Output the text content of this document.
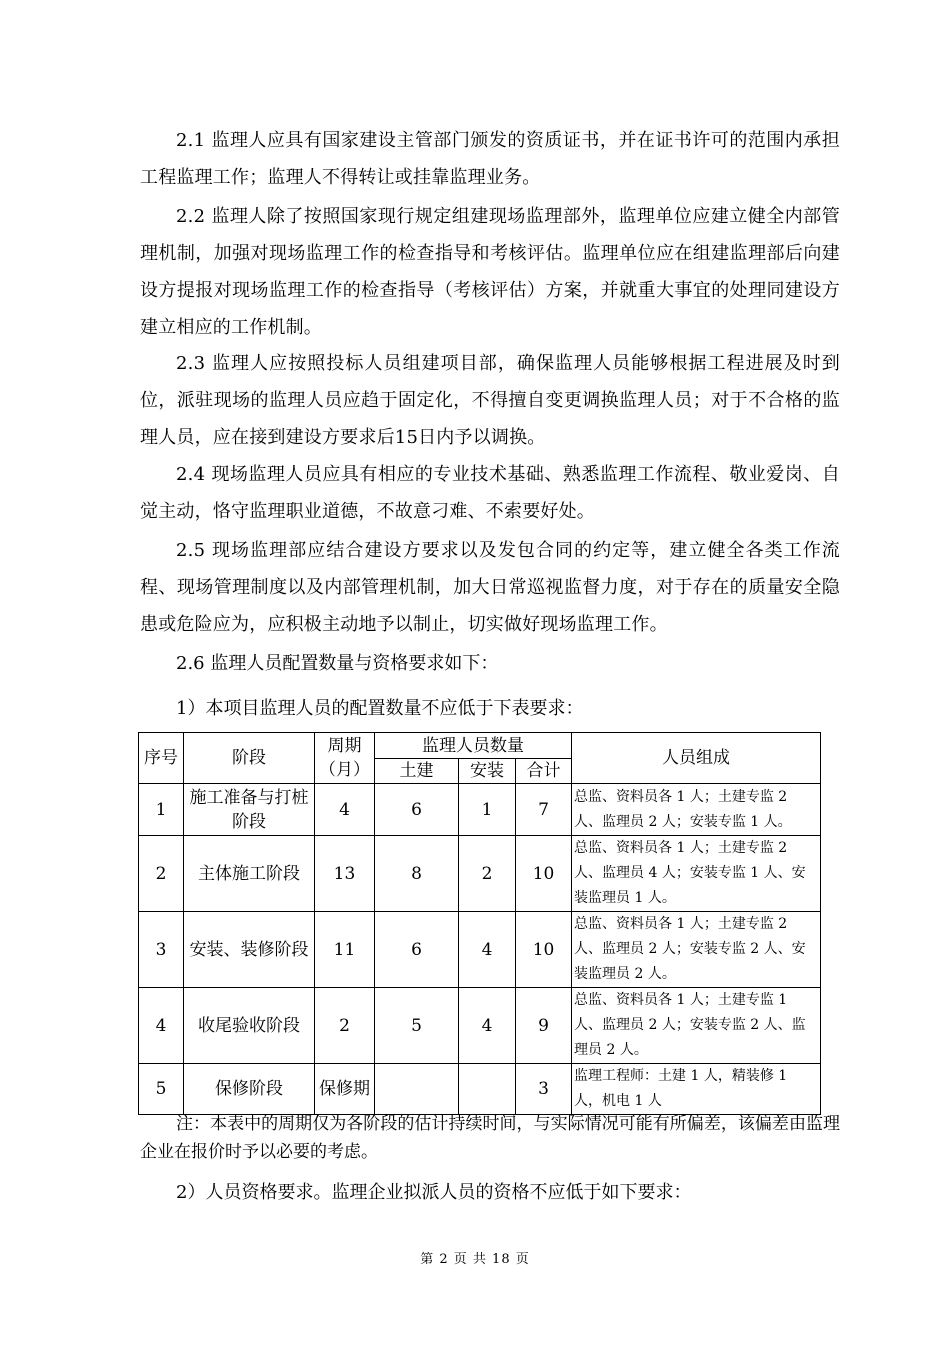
2.1 监理人应具有国家建设主管部门颁发的资质证书，并在证书许可的范围内承担工程监理工作；监理人不得转让或挂靠监理业务。

2.2 监理人除了按照国家现行规定组建现场监理部外，监理单位应建立健全内部管理机制，加强对现场监理工作的检查指导和考核评估。监理单位应在组建监理部后向建设方提报对现场监理工作的检查指导（考核评估）方案，并就重大事宜的处理同建设方建立相应的工作机制。

2.3 监理人应按照投标人员组建项目部，确保监理人员能够根据工程进展及时到位，派驻现场的监理人员应趋于固定化，不得擅自变更调换监理人员；对于不合格的监理人员，应在接到建设方要求后15日内予以调换。

2.4 现场监理人员应具有相应的专业技术基础、熟悉监理工作流程、敬业爱岗、自觉主动，恪守监理职业道德，不故意刁难、不索要好处。

2.5 现场监理部应结合建设方要求以及发包合同的约定等，建立健全各类工作流程、现场管理制度以及内部管理机制，加大日常巡视监督力度，对于存在的质量安全隐患或危险应为，应积极主动地予以制止，切实做好现场监理工作。

2.6 监理人员配置数量与资格要求如下：

1）本项目监理人员的配置数量不应低于下表要求：

序号	阶段	周期（月）	监理人员数量			人员组成
			土建	安装	合计	
1	施工准备与打桩阶段	4	6	1	7	总监、资料员各 1 人；土建专监 2 人、监理员 2 人；安装专监 1 人。
2	主体施工阶段	13	8	2	10	总监、资料员各 1 人；土建专监 2 人、监理员 4 人；安装专监 1 人、安装监理员 1 人。
3	安装、装修阶段	11	6	4	10	总监、资料员各 1 人；土建专监 2 人、监理员 2 人；安装专监 2 人、安装监理员 2 人。
4	收尾验收阶段	2	5	4	9	总监、资料员各 1 人；土建专监 1 人、监理员 2 人；安装专监 2 人、监理员 2 人。
5	保修阶段	保修期			3	监理工程师：土建 1 人，精装修 1 人，机电 1 人

注：本表中的周期仅为各阶段的估计持续时间，与实际情况可能有所偏差，该偏差由监理企业在报价时予以必要的考虑。

2）人员资格要求。监理企业拟派人员的资格不应低于如下要求：

第 2 页 共 18 页
